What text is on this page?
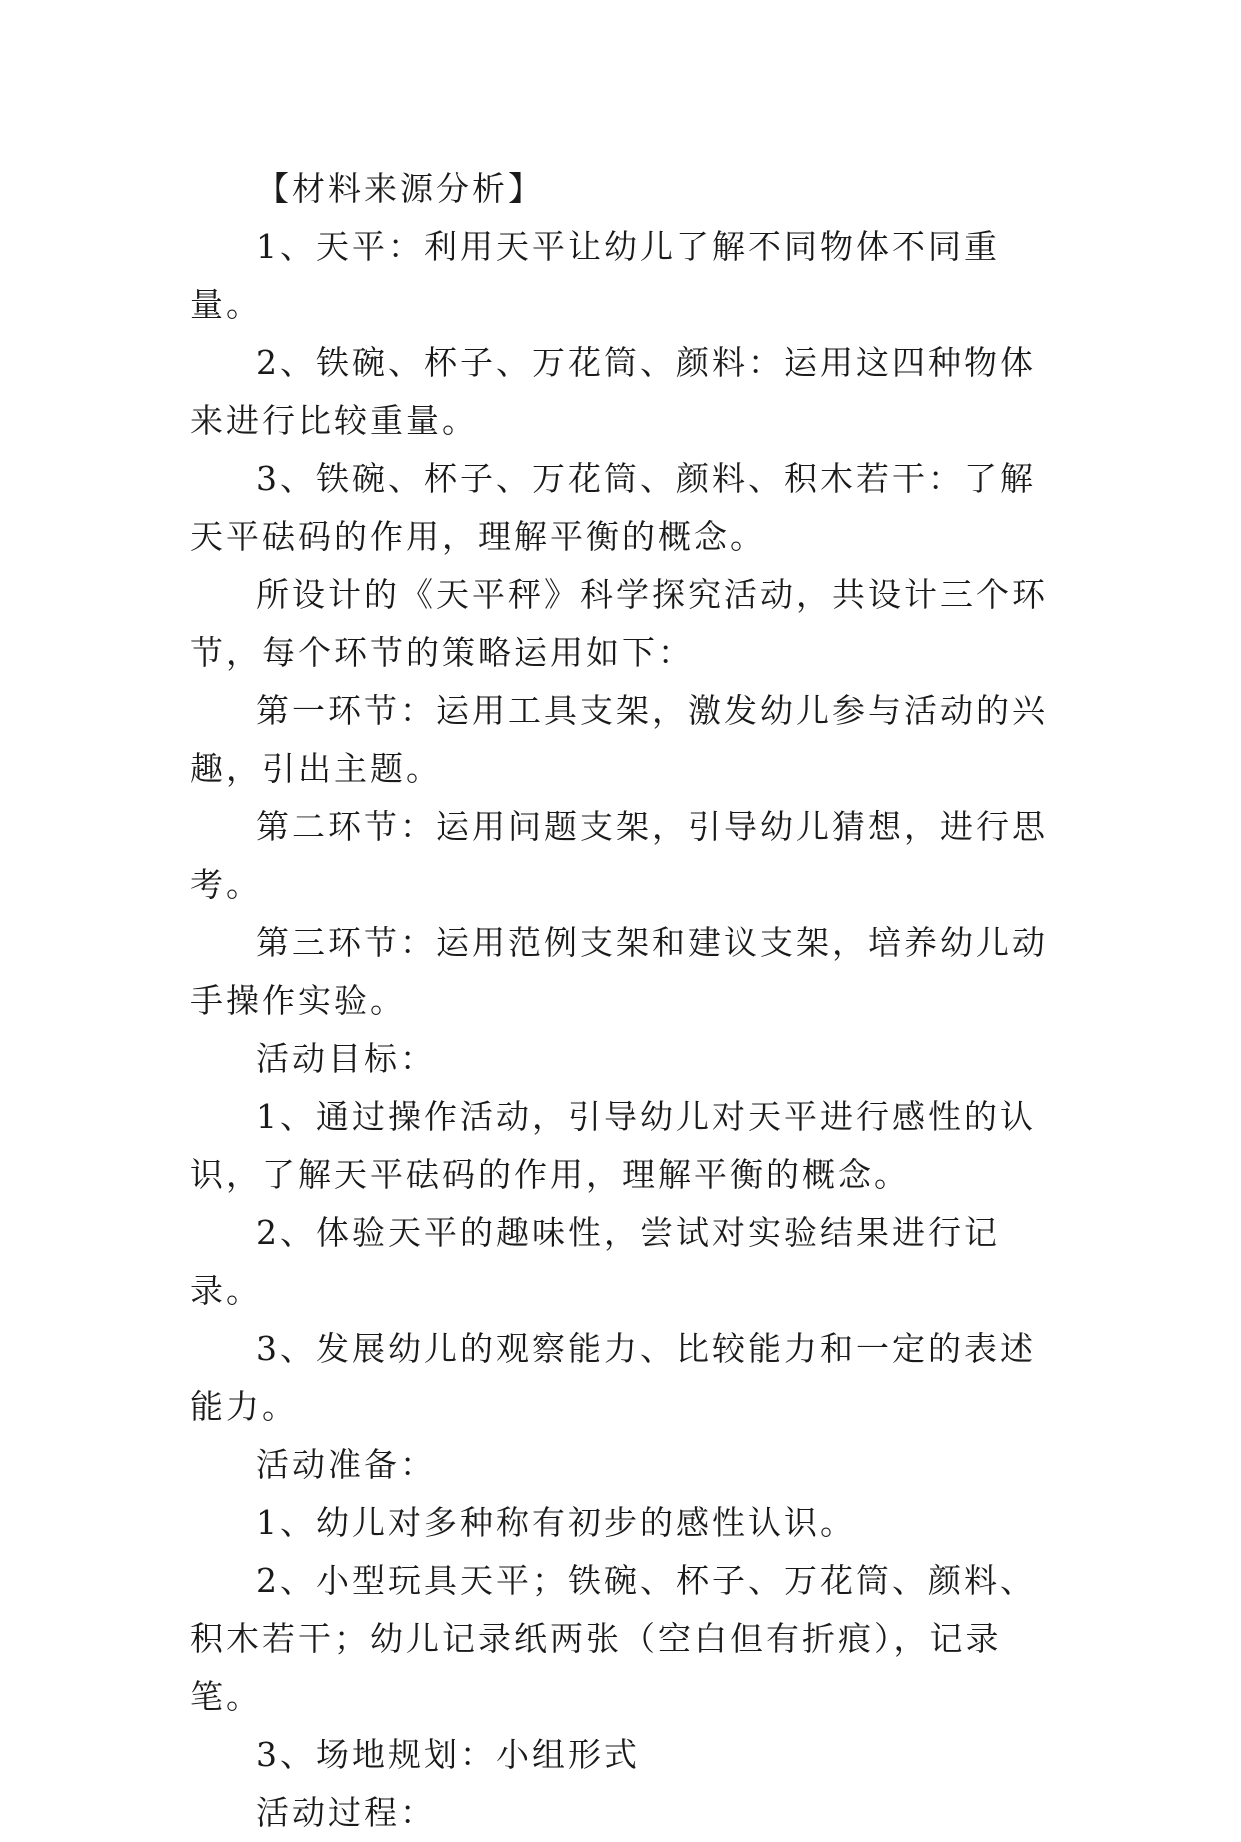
【材料来源分析】

1、天平：利用天平让幼儿了解不同物体不同重量。

2、铁碗、杯子、万花筒、颜料：运用这四种物体来进行比较重量。

3、铁碗、杯子、万花筒、颜料、积木若干：了解天平砝码的作用，理解平衡的概念。

所设计的《天平秤》科学探究活动，共设计三个环节，每个环节的策略运用如下：

第一环节：运用工具支架，激发幼儿参与活动的兴趣，引出主题。

第二环节：运用问题支架，引导幼儿猜想，进行思考。

第三环节：运用范例支架和建议支架，培养幼儿动手操作实验。

活动目标：

1、通过操作活动，引导幼儿对天平进行感性的认识，了解天平砝码的作用，理解平衡的概念。

2、体验天平的趣味性，尝试对实验结果进行记录。

3、发展幼儿的观察能力、比较能力和一定的表述能力。

活动准备：

1、幼儿对多种称有初步的感性认识。

2、小型玩具天平；铁碗、杯子、万花筒、颜料、积木若干；幼儿记录纸两张（空白但有折痕），记录笔。

3、场地规划：小组形式

活动过程：
